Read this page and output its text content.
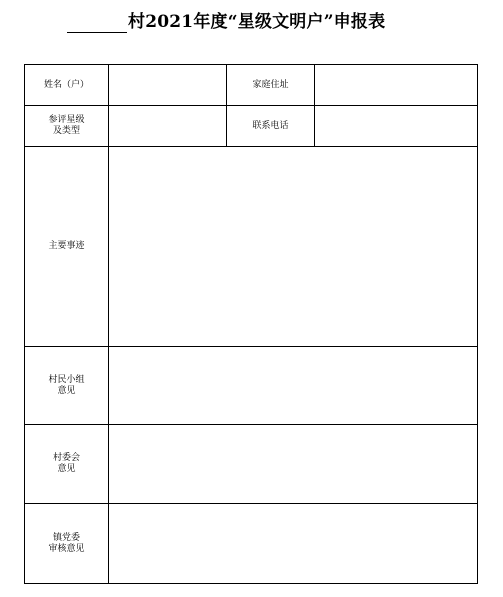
村2021年度“星级文明户”申报表
姓名（户）	家庭住址
参评星级
及类型
联系电话
主要事迹
村民小组
意见
村委会
意见
镇党委
审核意见
